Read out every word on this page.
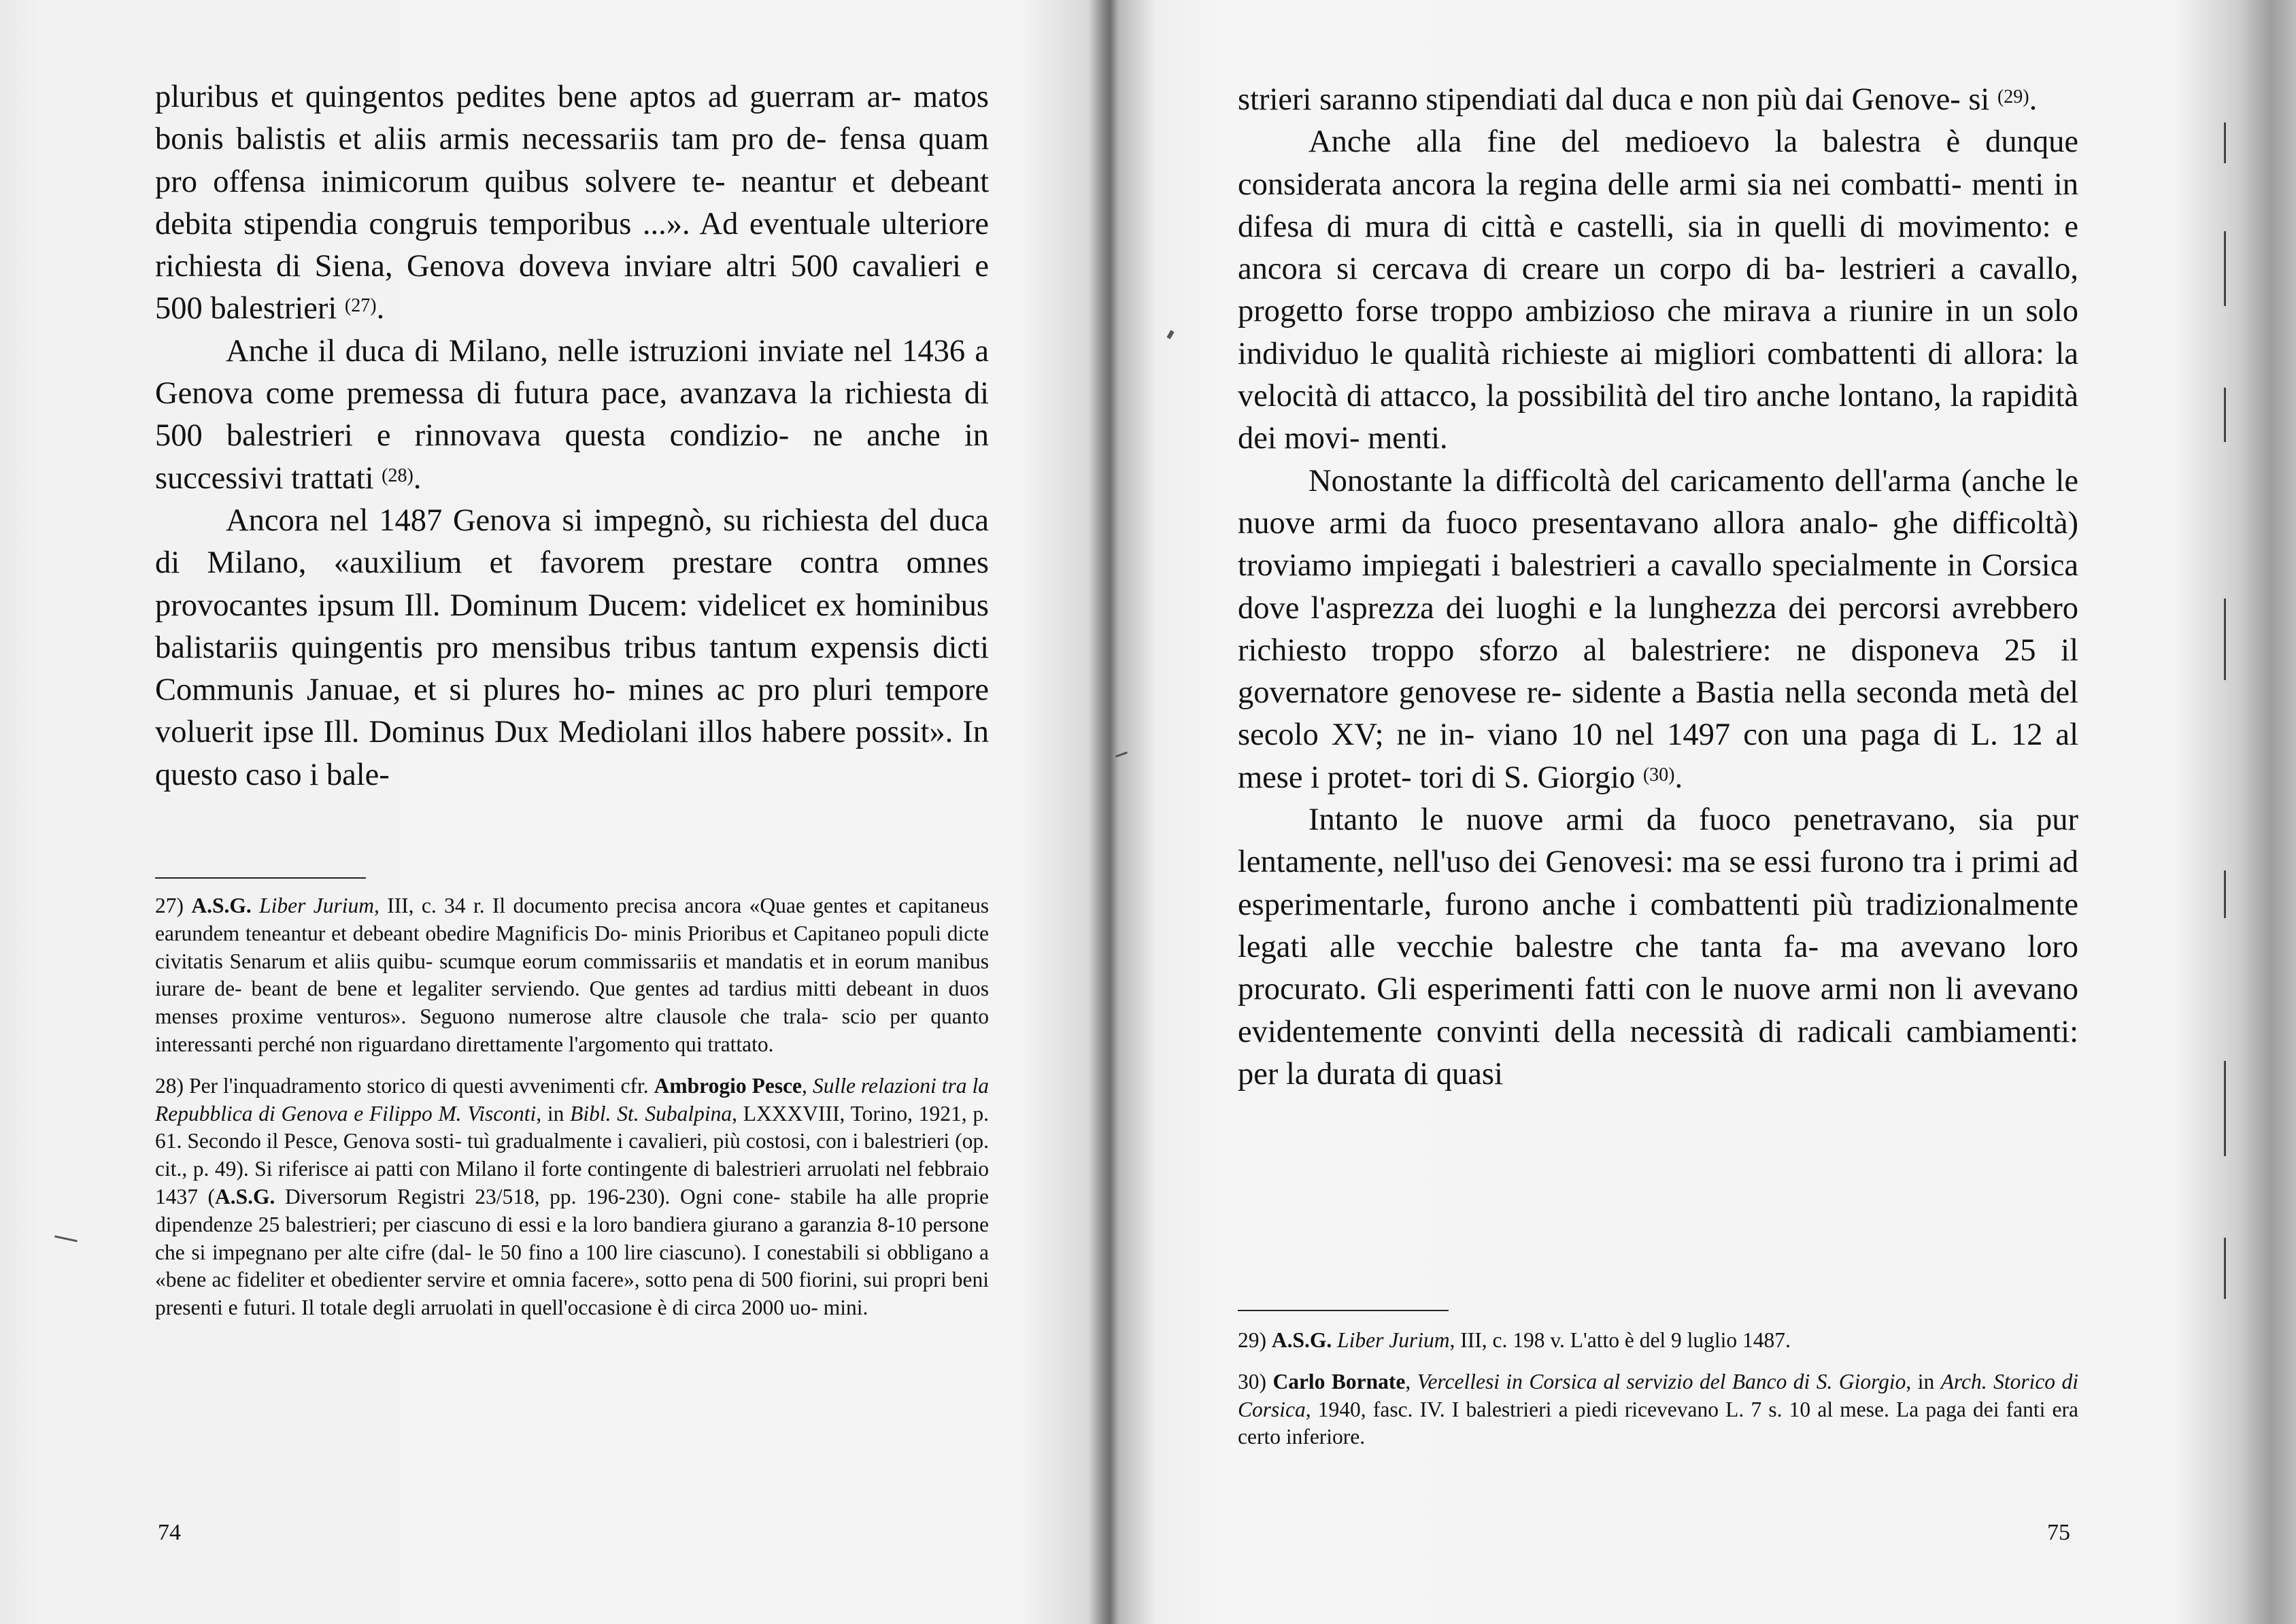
pluribus et quingentos pedites bene aptos ad guerram ar- matos bonis balistis et aliis armis necessariis tam pro de- fensa quam pro offensa inimicorum quibus solvere te- neantur et debeant debita stipendia congruis temporibus ...». Ad eventuale ulteriore richiesta di Siena, Genova doveva inviare altri 500 cavalieri e 500 balestrieri $^{(27)}$.

Anche il duca di Milano, nelle istruzioni inviate nel 1436 a Genova come premessa di futura pace, avanzava la richiesta di 500 balestrieri e rinnovava questa condizio- ne anche in successivi trattati $^{(28)}$.

Ancora nel 1487 Genova si impegnò, su richiesta del duca di Milano, «auxilium et favorem prestare contra omnes provocantes ipsum Ill. Dominum Ducem: videlicet ex hominibus balistariis quingentis pro mensibus tribus tantum expensis dicti Communis Januae, et si plures ho- mines ac pro pluri tempore voluerit ipse Ill. Dominus Dux Mediolani illos habere possit». In questo caso i bale-

27) A.S.G. Liber Jurium, III, c. 34 r. Il documento precisa ancora «Quae gentes et capitaneus earundem teneantur et debeant obedire Magnificis Do- minis Prioribus et Capitaneo populi dicte civitatis Senarum et aliis quibu- scumque eorum commissariis et mandatis et in eorum manibus iurare de- beant de bene et legaliter serviendo. Que gentes ad tardius mitti debeant in duos menses proxime venturos». Seguono numerose altre clausole che trala- scio per quanto interessanti perché non riguardano direttamente l'argomento qui trattato.

28) Per l'inquadramento storico di questi avvenimenti cfr. Ambrogio Pesce, Sulle relazioni tra la Repubblica di Genova e Filippo M. Visconti, in Bibl. St. Subalpina, LXXXVIII, Torino, 1921, p. 61. Secondo il Pesce, Genova sosti- tuì gradualmente i cavalieri, più costosi, con i balestrieri (op. cit., p. 49). Si riferisce ai patti con Milano il forte contingente di balestrieri arruolati nel febbraio 1437 (A.S.G. Diversorum Registri 23/518, pp. 196-230). Ogni cone- stabile ha alle proprie dipendenze 25 balestrieri; per ciascuno di essi e la loro bandiera giurano a garanzia 8-10 persone che si impegnano per alte cifre (dal- le 50 fino a 100 lire ciascuno). I conestabili si obbligano a «bene ac fideliter et obedienter servire et omnia facere», sotto pena di 500 fiorini, sui propri beni presenti e futuri. Il totale degli arruolati in quell'occasione è di circa 2000 uo- mini.

74

strieri saranno stipendiati dal duca e non più dai Genove- si $^{(29)}$.

Anche alla fine del medioevo la balestra è dunque considerata ancora la regina delle armi sia nei combatti- menti in difesa di mura di città e castelli, sia in quelli di movimento: e ancora si cercava di creare un corpo di ba- lestrieri a cavallo, progetto forse troppo ambizioso che mirava a riunire in un solo individuo le qualità richieste ai migliori combattenti di allora: la velocità di attacco, la possibilità del tiro anche lontano, la rapidità dei movi- menti.

Nonostante la difficoltà del caricamento dell'arma (anche le nuove armi da fuoco presentavano allora analo- ghe difficoltà) troviamo impiegati i balestrieri a cavallo specialmente in Corsica dove l'asprezza dei luoghi e la lunghezza dei percorsi avrebbero richiesto troppo sforzo al balestriere: ne disponeva 25 il governatore genovese re- sidente a Bastia nella seconda metà del secolo XV; ne in- viano 10 nel 1497 con una paga di L. 12 al mese i protet- tori di S. Giorgio $^{(30)}$.

Intanto le nuove armi da fuoco penetravano, sia pur lentamente, nell'uso dei Genovesi: ma se essi furono tra i primi ad esperimentarle, furono anche i combattenti più tradizionalmente legati alle vecchie balestre che tanta fa- ma avevano loro procurato. Gli esperimenti fatti con le nuove armi non li avevano evidentemente convinti della necessità di radicali cambiamenti: per la durata di quasi

29) A.S.G. Liber Jurium, III, c. 198 v. L'atto è del 9 luglio 1487.

30) Carlo Bornate, Vercellesi in Corsica al servizio del Banco di S. Giorgio, in Arch. Storico di Corsica, 1940, fasc. IV. I balestrieri a piedi ricevevano L. 7 s. 10 al mese. La paga dei fanti era certo inferiore.

75
